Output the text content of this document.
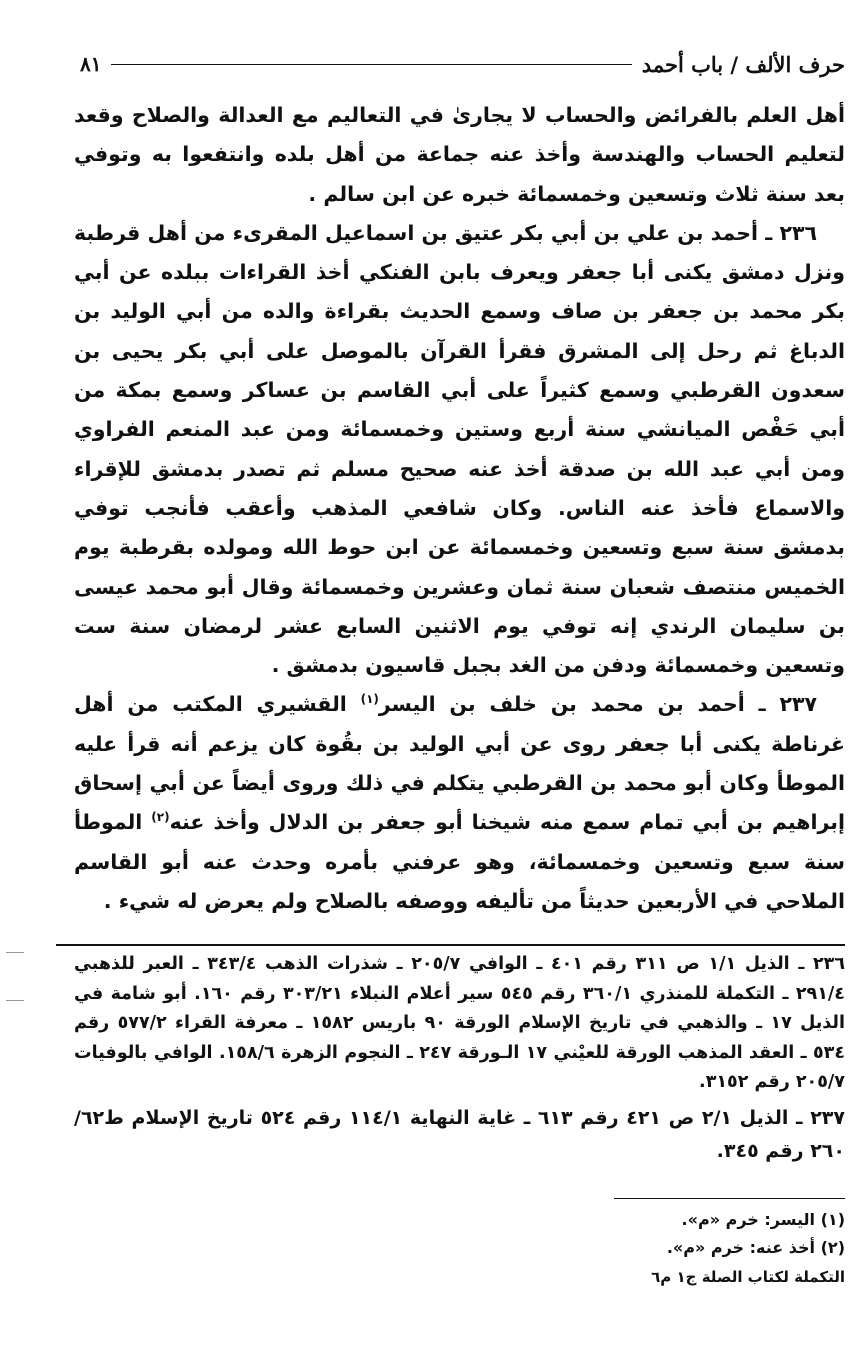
حرف الألف / باب أحمد
٨١

أهل العلم بالفرائض والحساب لا يجارىٰ في التعاليم مع العدالة والصلاح وقعد لتعليم الحساب والهندسة وأخذ عنه جماعة من أهل بلده وانتفعوا به وتوفي بعد سنة ثلاث وتسعين وخمسمائة خبره عن ابن سالم .

٢٣٦ ـ أحمد بن علي بن أبي بكر عتيق بن اسماعيل المقرىء من أهل قرطبة ونزل دمشق يكنى أبا جعفر ويعرف بابن الفنكي أخذ القراءات ببلده عن أبي بكر محمد بن جعفر بن صاف وسمع الحديث بقراءة والده من أبي الوليد بن الدباغ ثم رحل إلى المشرق فقرأ القرآن بالموصل على أبي بكر يحيى بن سعدون القرطبي وسمع كثيراً على أبي القاسم بن عساكر وسمع بمكة من أبي حَفْص الميانشي سنة أربع وستين وخمسمائة ومن عبد المنعم الفراوي ومن أبي عبد الله بن صدقة أخذ عنه صحيح مسلم ثم تصدر بدمشق للإقراء والاسماع فأخذ عنه الناس. وكان شافعي المذهب وأعقب فأنجب توفي بدمشق سنة سبع وتسعين وخمسمائة عن ابن حوط الله ومولده بقرطبة يوم الخميس منتصف شعبان سنة ثمان وعشرين وخمسمائة وقال أبو محمد عيسى بن سليمان الرندي إنه توفي يوم الاثنين السابع عشر لرمضان سنة ست وتسعين وخمسمائة ودفن من الغد بجبل قاسيون بدمشق .

٢٣٧ ـ أحمد بن محمد بن خلف بن اليسر$^{(١)}$ القشيري المكتب من أهل غرناطة يكنى أبا جعفر روى عن أبي الوليد بن بقُوة كان يزعم أنه قرأ عليه الموطأ وكان أبو محمد بن القرطبي يتكلم في ذلك وروى أيضاً عن أبي إسحاق إبراهيم بن أبي تمام سمع منه شيخنا أبو جعفر بن الدلال وأخذ عنه$^{(٢)}$ الموطأ سنة سبع وتسعين وخمسمائة، وهو عرفني بأمره وحدث عنه أبو القاسم الملاحي في الأربعين حديثاً من تأليفه ووصفه بالصلاح ولم يعرض له شيء .

٢٣٦ ـ الذيل ١/١ ص ٣١١ رقم ٤٠١ ـ الوافي ٢٠٥/٧ ـ شذرات الذهب ٣٤٣/٤ ـ العبر للذهبي ٢٩١/٤ ـ التكملة للمنذري ٣٦٠/١ رقم ٥٤٥ سير أعلام النبلاء ٣٠٣/٢١ رقم ١٦٠. أبو شامة في الذيل ١٧ ـ والذهبي في تاريخ الإسلام الورقة ٩٠ باريس ١٥٨٢ ـ معرفة القراء ٥٧٧/٢ رقم ٥٣٤ ـ العقد المذهب الورقة للعيْني ١٧ الـورقة ٢٤٧ ـ النجوم الزهرة ١٥٨/٦. الوافي بالوفيات ٢٠٥/٧ رقم ٣١٥٢.

٢٣٧ ـ الذيل ٢/١ ص ٤٢١ رقم ٦١٣ ـ غاية النهاية ١١٤/١ رقم ٥٢٤ تاريخ الإسلام ط٦٢/ ٢٦٠ رقم ٣٤٥.

(١) اليسر: خرم «م».
(٢) أخذ عنه: خرم «م».
التكملة لكتاب الصلة ج١ م٦
